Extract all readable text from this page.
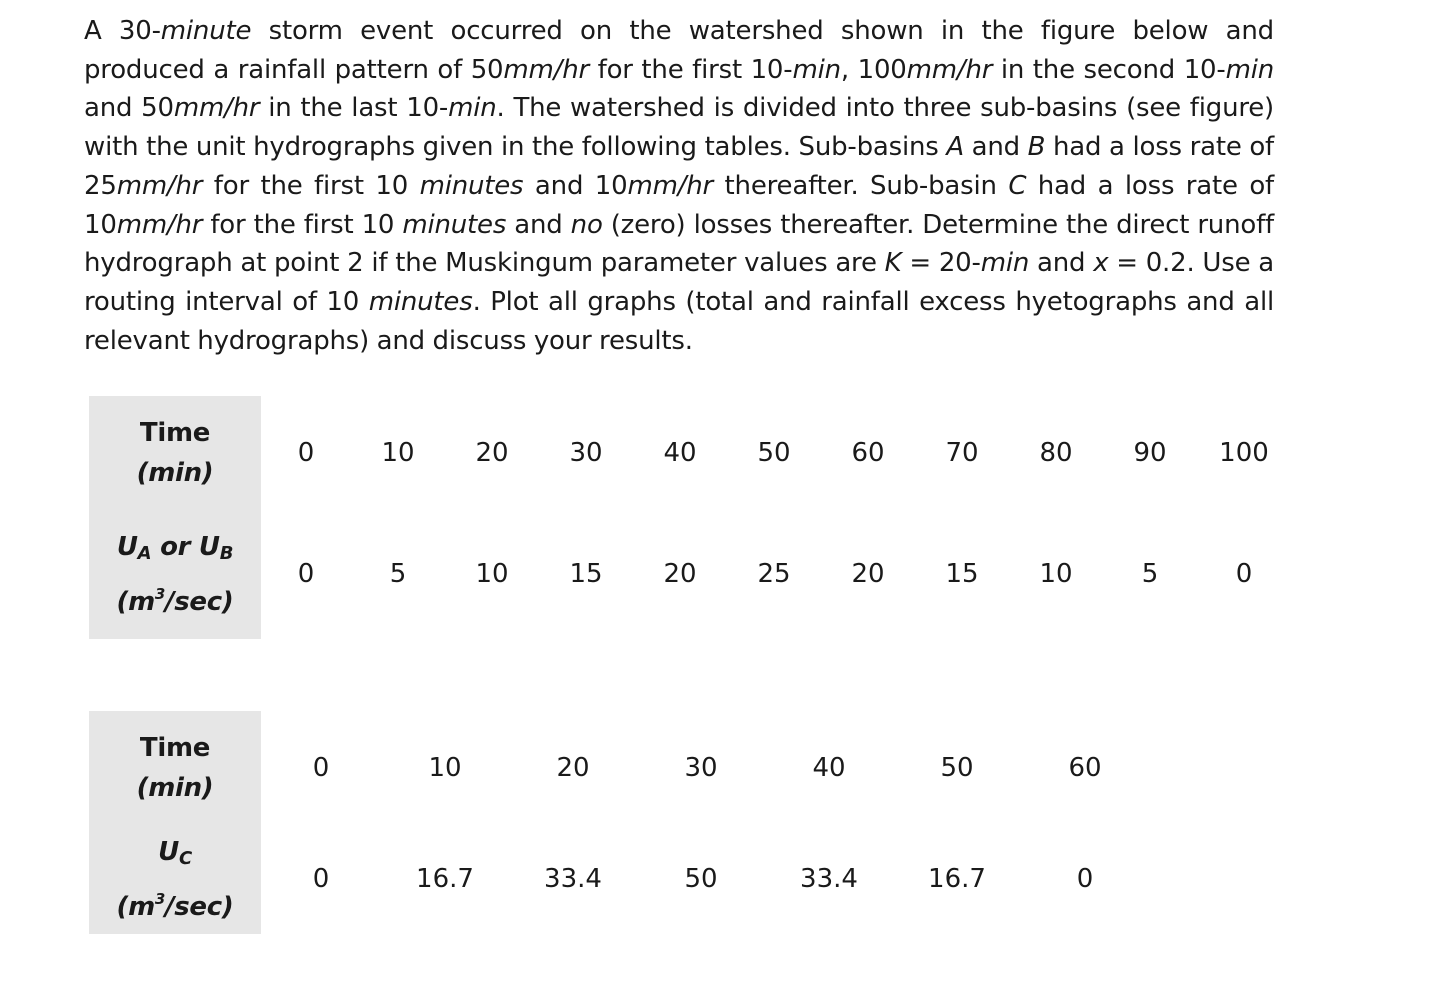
A 30-minute storm event occurred on the watershed shown in the figure below and produced a rainfall pattern of 50mm/hr for the first 10-min, 100mm/hr in the second 10-min and 50mm/hr in the last 10-min. The watershed is divided into three sub-basins (see figure) with the unit hydrographs given in the following tables. Sub-basins A and B had a loss rate of 25mm/hr for the first 10 minutes and 10mm/hr thereafter. Sub-basin C had a loss rate of 10mm/hr for the first 10 minutes and no (zero) losses thereafter. Determine the direct runoff hydrograph at point 2 if the Muskingum parameter values are K = 20-min and x = 0.2. Use a routing interval of 10 minutes. Plot all graphs (total and rainfall excess hyetographs and all relevant hydrographs) and discuss your results.
Time
(min)	0	10	20	30	40	50	60	70	80	90	100

$U_A$ or $U_B$
$(m^3/\sec)$	0	5	10	15	20	25	20	15	10	5	0
Time
(min)	0	10	20	30	40	50	60

$U_C$
$(m^3/\sec)$	0	16.7	33.4	50	33.4	16.7	0
